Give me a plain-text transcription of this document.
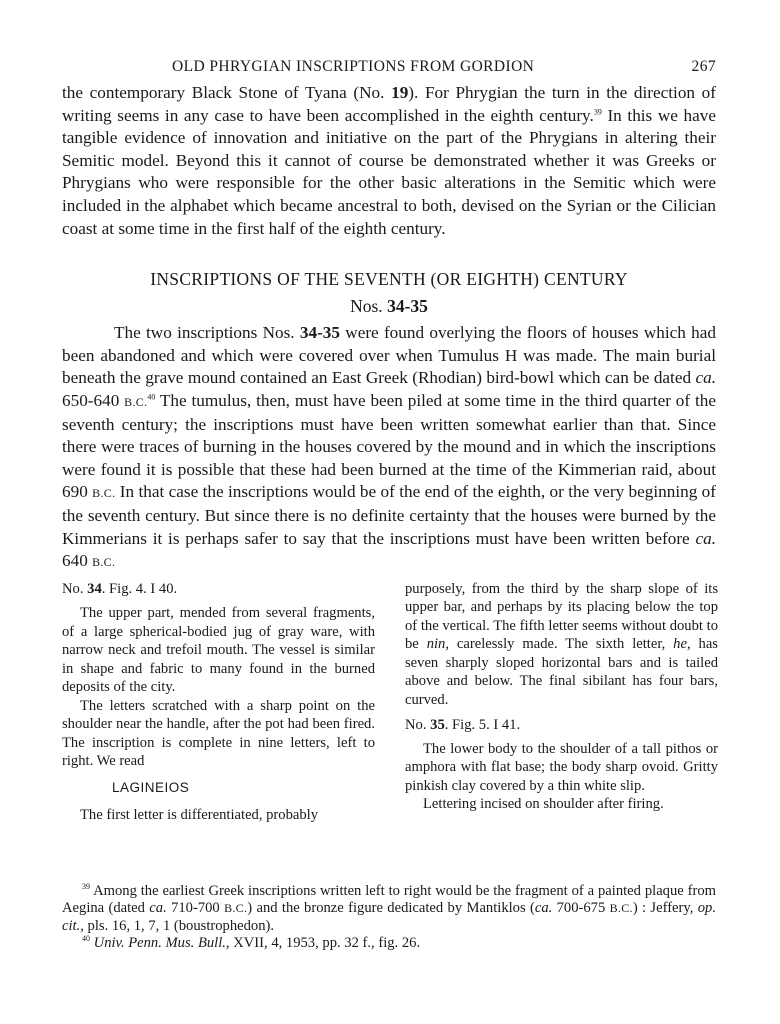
OLD PHRYGIAN INSCRIPTIONS FROM GORDION	267

the contemporary Black Stone of Tyana (No. 19). For Phrygian the turn in the direction of writing seems in any case to have been accomplished in the eighth century.$^{39}$ In this we have tangible evidence of innovation and initiative on the part of the Phrygians in altering their Semitic model. Beyond this it cannot of course be demonstrated whether it was Greeks or Phrygians who were responsible for the other basic alterations in the Semitic which were included in the alphabet which became ancestral to both, devised on the Syrian or the Cilician coast at some time in the first half of the eighth century.

INSCRIPTIONS OF THE SEVENTH (OR EIGHTH) CENTURY
Nos. 34-35

The two inscriptions Nos. 34-35 were found overlying the floors of houses which had been abandoned and which were covered over when Tumulus H was made. The main burial beneath the grave mound contained an East Greek (Rhodian) bird-bowl which can be dated ca. 650-640 B.C.$^{40}$ The tumulus, then, must have been piled at some time in the third quarter of the seventh century; the inscriptions must have been written somewhat earlier than that. Since there were traces of burning in the houses covered by the mound and in which the inscriptions were found it is possible that these had been burned at the time of the Kimmerian raid, about 690 B.C. In that case the inscriptions would be of the end of the eighth, or the very beginning of the seventh century. But since there is no definite certainty that the houses were burned by the Kimmerians it is perhaps safer to say that the inscriptions must have been written before ca. 640 B.C.

No. 34. Fig. 4. I 40.

The upper part, mended from several fragments, of a large spherical-bodied jug of gray ware, with narrow neck and trefoil mouth. The vessel is similar in shape and fabric to many found in the burned deposits of the city.

The letters scratched with a sharp point on the shoulder near the handle, after the pot had been fired. The inscription is complete in nine letters, left to right. We read

LAGINEIOS

The first letter is differentiated, probably

purposely, from the third by the sharp slope of its upper bar, and perhaps by its placing below the top of the vertical. The fifth letter seems without doubt to be nin, carelessly made. The sixth letter, he, has seven sharply sloped horizontal bars and is tailed above and below. The final sibilant has four bars, curved.

No. 35. Fig. 5. I 41.

The lower body to the shoulder of a tall pithos or amphora with flat base; the body sharp ovoid. Gritty pinkish clay covered by a thin white slip.

Lettering incised on shoulder after firing.

$^{39}$ Among the earliest Greek inscriptions written left to right would be the fragment of a painted plaque from Aegina (dated ca. 710-700 B.C.) and the bronze figure dedicated by Mantiklos (ca. 700-675 B.C.) : Jeffery, op. cit., pls. 16, 1, 7, 1 (boustrophedon).

$^{40}$ Univ. Penn. Mus. Bull., XVII, 4, 1953, pp. 32 f., fig. 26.
